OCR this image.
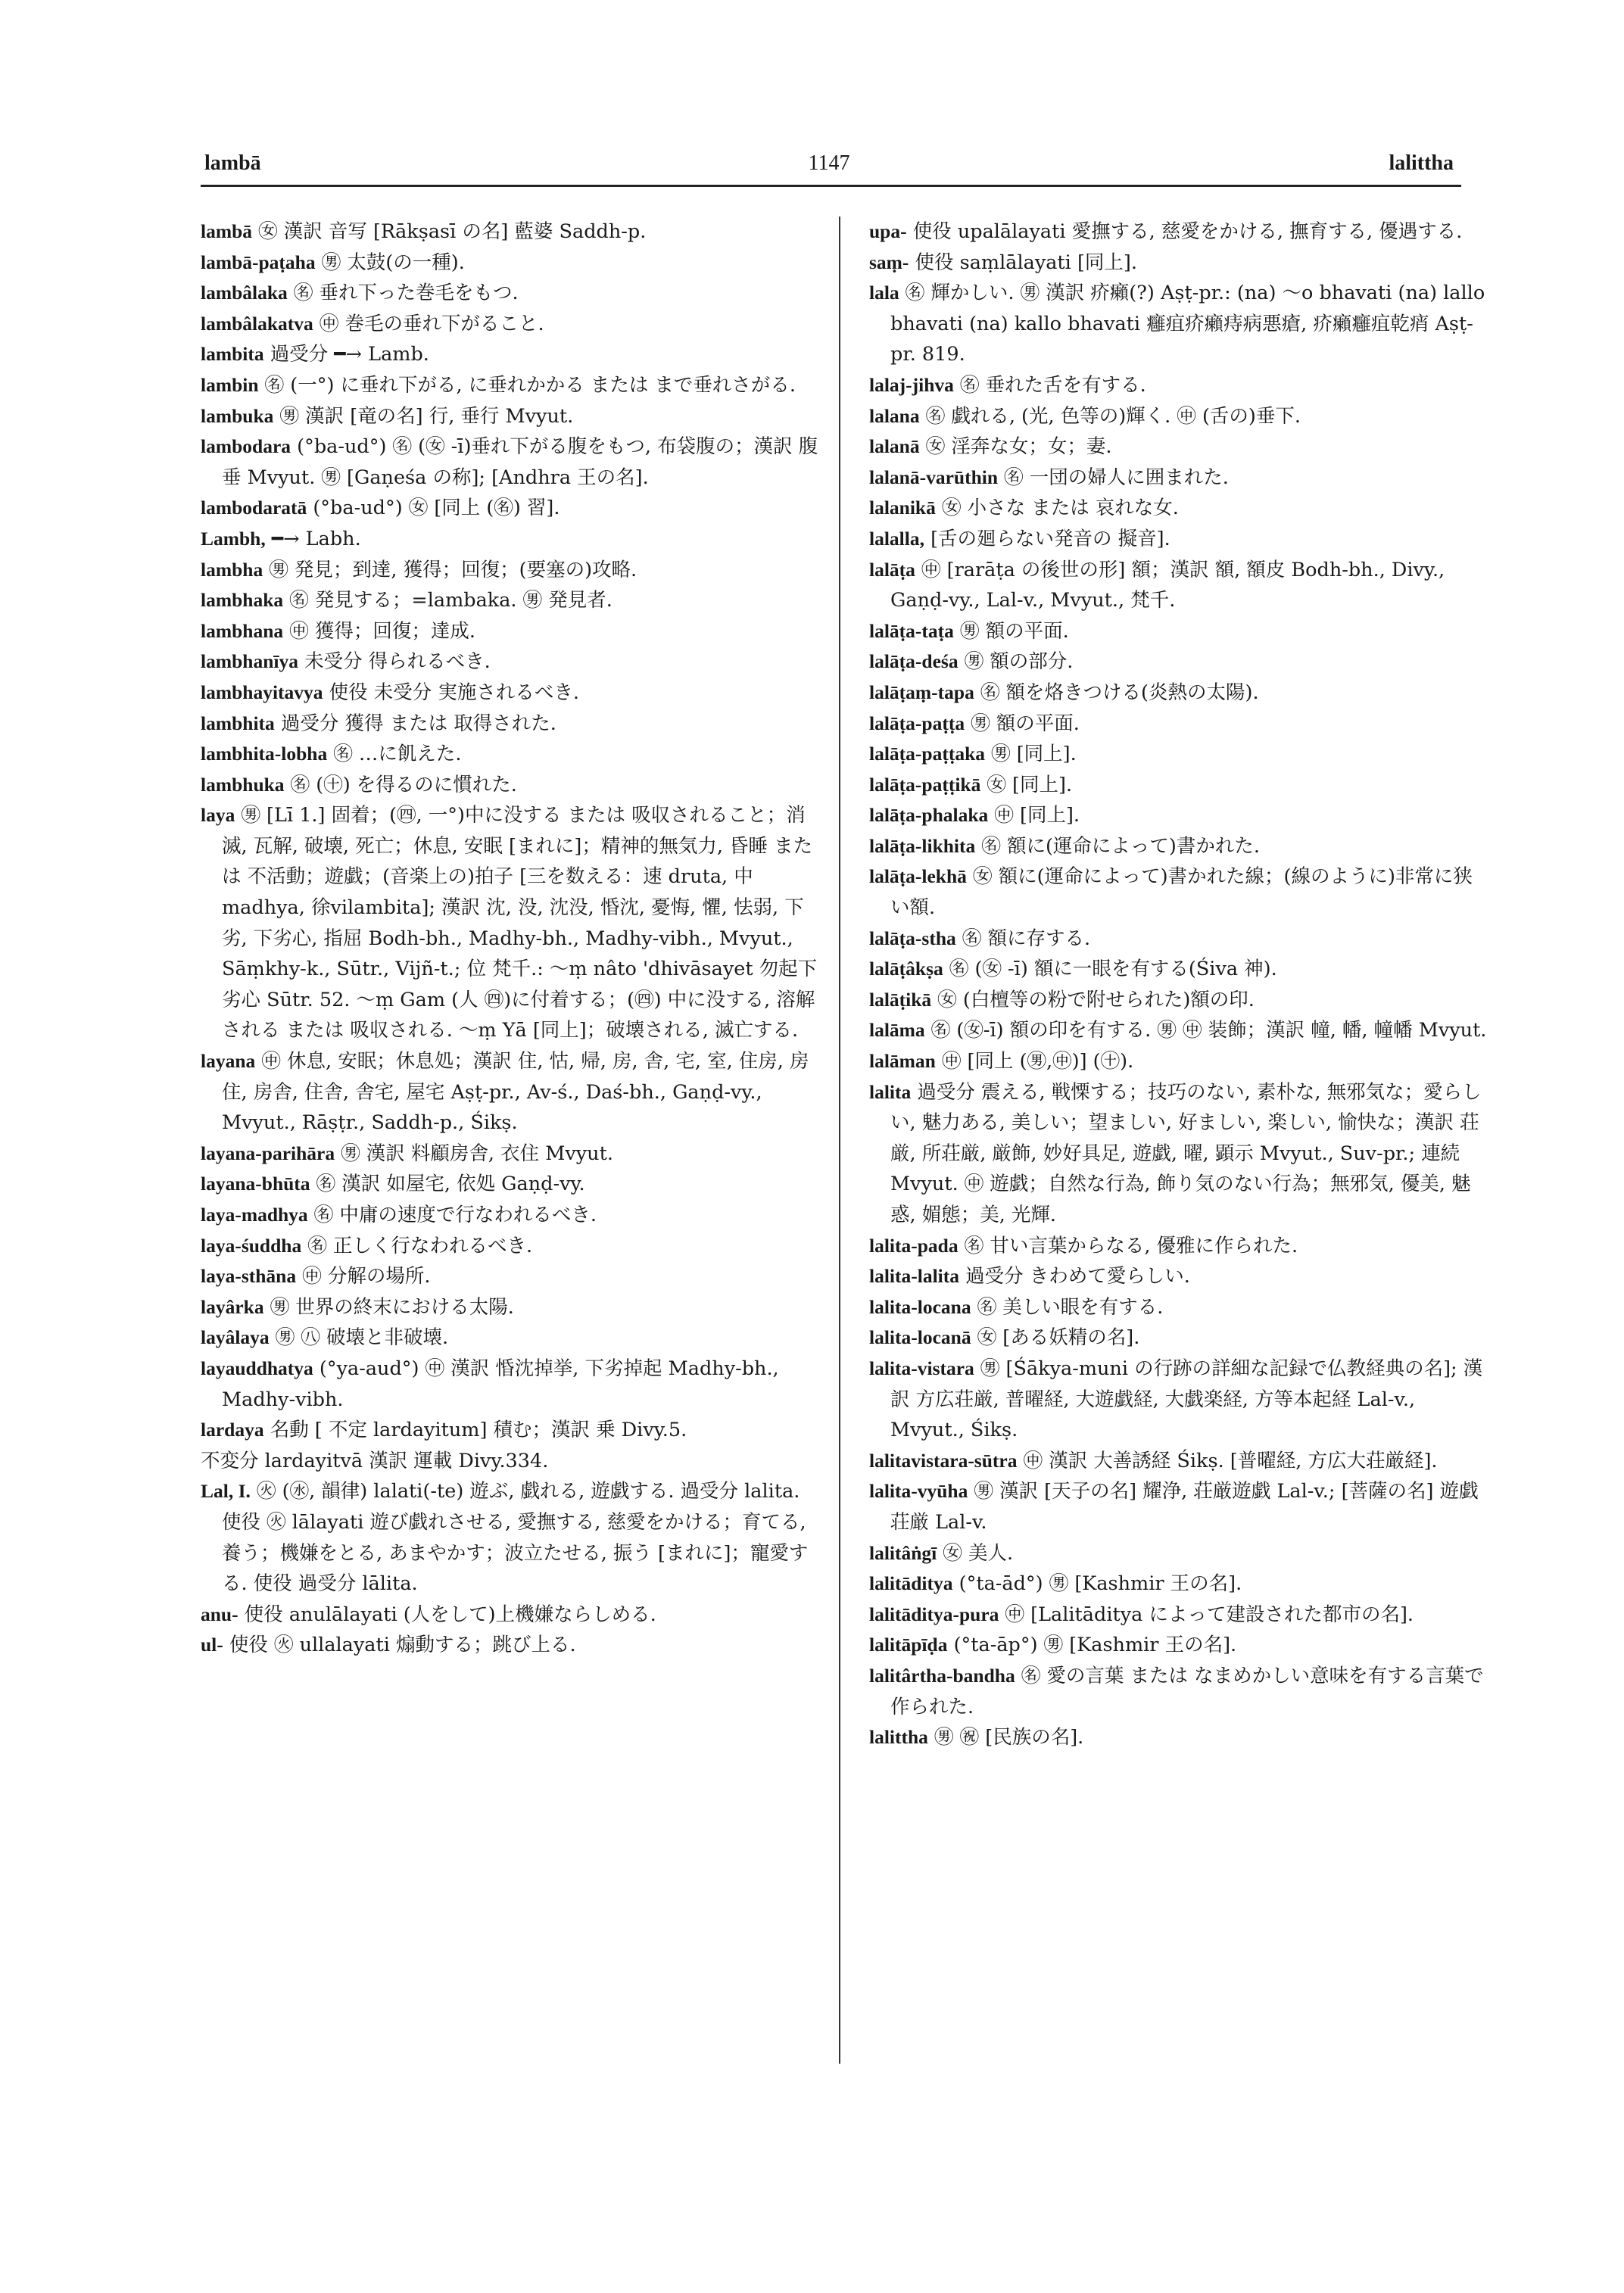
lambā	1147	lalittha

lambā ㊛ 漢訳 音写 [Rākṣasī の名] 藍婆 Saddh-p.

lambā-paṭaha ㊚ 太鼓(の一種).

lambâlaka ㊔ 垂れ下った巻毛をもつ.

lambâlakatva ㊥ 巻毛の垂れ下がること.

lambita 過受分 ━→ Lamb.

lambin ㊔ (一°) に垂れ下がる, に垂れかかる または まで垂れさがる.

lambuka ㊚ 漢訳 [竜の名] 行, 垂行 Mvyut.

lambodara (°ba-ud°) ㊔ (㊛ -ī)垂れ下がる腹をもつ, 布袋腹の；漢訳 腹垂 Mvyut. ㊚ [Gaṇeśa の称]; [Andhra 王の名].

lambodaratā (°ba-ud°) ㊛ [同上 (㊔) 習].

Lambh, ━→ Labh.

lambha ㊚ 発見；到達, 獲得；回復；(要塞の)攻略.

lambhaka ㊔ 発見する；=lambaka. ㊚ 発見者.

lambhana ㊥ 獲得；回復；達成.

lambhanīya 未受分 得られるべき.

lambhayitavya 使役 未受分 実施されるべき.

lambhita 過受分 獲得 または 取得された.

lambhita-lobha ㊔ …に飢えた.

lambhuka ㊔ (㊉) を得るのに慣れた.

laya ㊚ [Lī 1.] 固着；(㊃, 一°)中に没する または 吸収されること；消滅, 瓦解, 破壊, 死亡；休息, 安眠 [まれに]；精神的無気力, 昏睡 または 不活動；遊戯；(音楽上の)拍子 [三を数える：速 druta, 中 madhya, 徐vilambita]; 漢訳 沈, 没, 沈没, 惛沈, 憂悔, 懼, 怯弱, 下劣, 下劣心, 指屈 Bodh-bh., Madhy-bh., Madhy-vibh., Mvyut., Sāṃkhy-k., Sūtr., Vijñ-t.; 位 梵千.: ～ṃ nâto 'dhivāsayet 勿起下劣心 Sūtr. 52. ～ṃ Gam (人 ㊃)に付着する；(㊃) 中に没する, 溶解される または 吸収される. ～ṃ Yā [同上]；破壊される, 滅亡する.

layana ㊥ 休息, 安眠；休息処；漢訳 住, 怙, 帰, 房, 舎, 宅, 室, 住房, 房住, 房舎, 住舎, 舎宅, 屋宅 Aṣṭ-pr., Av-ś., Daś-bh., Gaṇḍ-vy., Mvyut., Rāṣṭr., Saddh-p., Śikṣ.

layana-parihāra ㊚ 漢訳 料顧房舎, 衣住 Mvyut.

layana-bhūta ㊔ 漢訳 如屋宅, 依処 Gaṇḍ-vy.

laya-madhya ㊔ 中庸の速度で行なわれるべき.

laya-śuddha ㊔ 正しく行なわれるべき.

laya-sthāna ㊥ 分解の場所.

layârka ㊚ 世界の終末における太陽.

layâlaya ㊚ ㊇ 破壊と非破壊.

layauddhatya (°ya-aud°) ㊥ 漢訳 惛沈掉挙, 下劣掉起 Madhy-bh., Madhy-vibh.

lardaya 名動 [ 不定 lardayitum] 積む；漢訳 乗 Divy.5.

不変分 lardayitvā 漢訳 運載 Divy.334.

Lal, I. ㊋ (㊌, 韻律) lalati(-te) 遊ぶ, 戯れる, 遊戯する. 過受分 lalita. 使役 ㊋ lālayati 遊び戯れさせる, 愛撫する, 慈愛をかける；育てる, 養う；機嫌をとる, あまやかす；波立たせる, 振う [まれに]；寵愛する. 使役 過受分 lālita.

anu- 使役 anulālayati (人をして)上機嫌ならしめる.

ul- 使役 ㊋ ullalayati 煽動する；跳び上る.

upa- 使役 upalālayati 愛撫する, 慈愛をかける, 撫育する, 優遇する.

saṃ- 使役 saṃlālayati [同上].

lala ㊔ 輝かしい. ㊚ 漢訳 疥癩(?) Aṣṭ-pr.: (na) ～o bhavati (na) lallo bhavati (na) kallo bhavati 癰疽疥癩痔病悪瘡, 疥癩癰疽乾痟 Aṣṭ-pr. 819.

lalaj-jihva ㊔ 垂れた舌を有する.

lalana ㊔ 戯れる, (光, 色等の)輝く. ㊥ (舌の)垂下.

lalanā ㊛ 淫奔な女；女；妻.

lalanā-varūthin ㊔ 一団の婦人に囲まれた.

lalanikā ㊛ 小さな または 哀れな女.

lalalla, [舌の廻らない発音の 擬音].

lalāṭa ㊥ [rarāṭa の後世の形] 額；漢訳 額, 額皮 Bodh-bh., Divy., Gaṇḍ-vy., Lal-v., Mvyut., 梵千.

lalāṭa-taṭa ㊚ 額の平面.

lalāṭa-deśa ㊚ 額の部分.

lalāṭaṃ-tapa ㊔ 額を烙きつける(炎熱の太陽).

lalāṭa-paṭṭa ㊚ 額の平面.

lalāṭa-paṭṭaka ㊚ [同上].

lalāṭa-paṭṭikā ㊛ [同上].

lalāṭa-phalaka ㊥ [同上].

lalāṭa-likhita ㊔ 額に(運命によって)書かれた.

lalāṭa-lekhā ㊛ 額に(運命によって)書かれた線；(線のように)非常に狭い額.

lalāṭa-stha ㊔ 額に存する.

lalāṭâkṣa ㊔ (㊛ -ī) 額に一眼を有する(Śiva 神).

lalāṭikā ㊛ (白檀等の粉で附せられた)額の印.

lalāma ㊔ (㊛-ī) 額の印を有する. ㊚ ㊥ 装飾；漢訳 幢, 幡, 幢幡 Mvyut.

lalāman ㊥ [同上 (㊚,㊥)] (㊉).

lalita 過受分 震える, 戦慄する；技巧のない, 素朴な, 無邪気な；愛らしい, 魅力ある, 美しい；望ましい, 好ましい, 楽しい, 愉快な；漢訳 荘厳, 所荘厳, 厳飾, 妙好具足, 遊戯, 曜, 顕示 Mvyut., Suv-pr.; 連続 Mvyut. ㊥ 遊戯；自然な行為, 飾り気のない行為；無邪気, 優美, 魅惑, 媚態；美, 光輝.

lalita-pada ㊔ 甘い言葉からなる, 優雅に作られた.

lalita-lalita 過受分 きわめて愛らしい.

lalita-locana ㊔ 美しい眼を有する.

lalita-locanā ㊛ [ある妖精の名].

lalita-vistara ㊚ [Śākya-muni の行跡の詳細な記録で仏教経典の名]; 漢訳 方広荘厳, 普曜経, 大遊戯経, 大戯楽経, 方等本起経 Lal-v., Mvyut., Śikṣ.

lalitavistara-sūtra ㊥ 漢訳 大善誘経 Śikṣ. [普曜経, 方広大荘厳経].

lalita-vyūha ㊚ 漢訳 [天子の名] 耀浄, 荘厳遊戯 Lal-v.; [菩薩の名] 遊戯荘厳 Lal-v.

lalitâṅgī ㊛ 美人.

lalitāditya (°ta-ād°) ㊚ [Kashmir 王の名].

lalitāditya-pura ㊥ [Lalitāditya によって建設された都市の名].

lalitāpīḍa (°ta-āp°) ㊚ [Kashmir 王の名].

lalitârtha-bandha ㊔ 愛の言葉 または なまめかしい意味を有する言葉で作られた.

lalittha ㊚ ㊗ [民族の名].
